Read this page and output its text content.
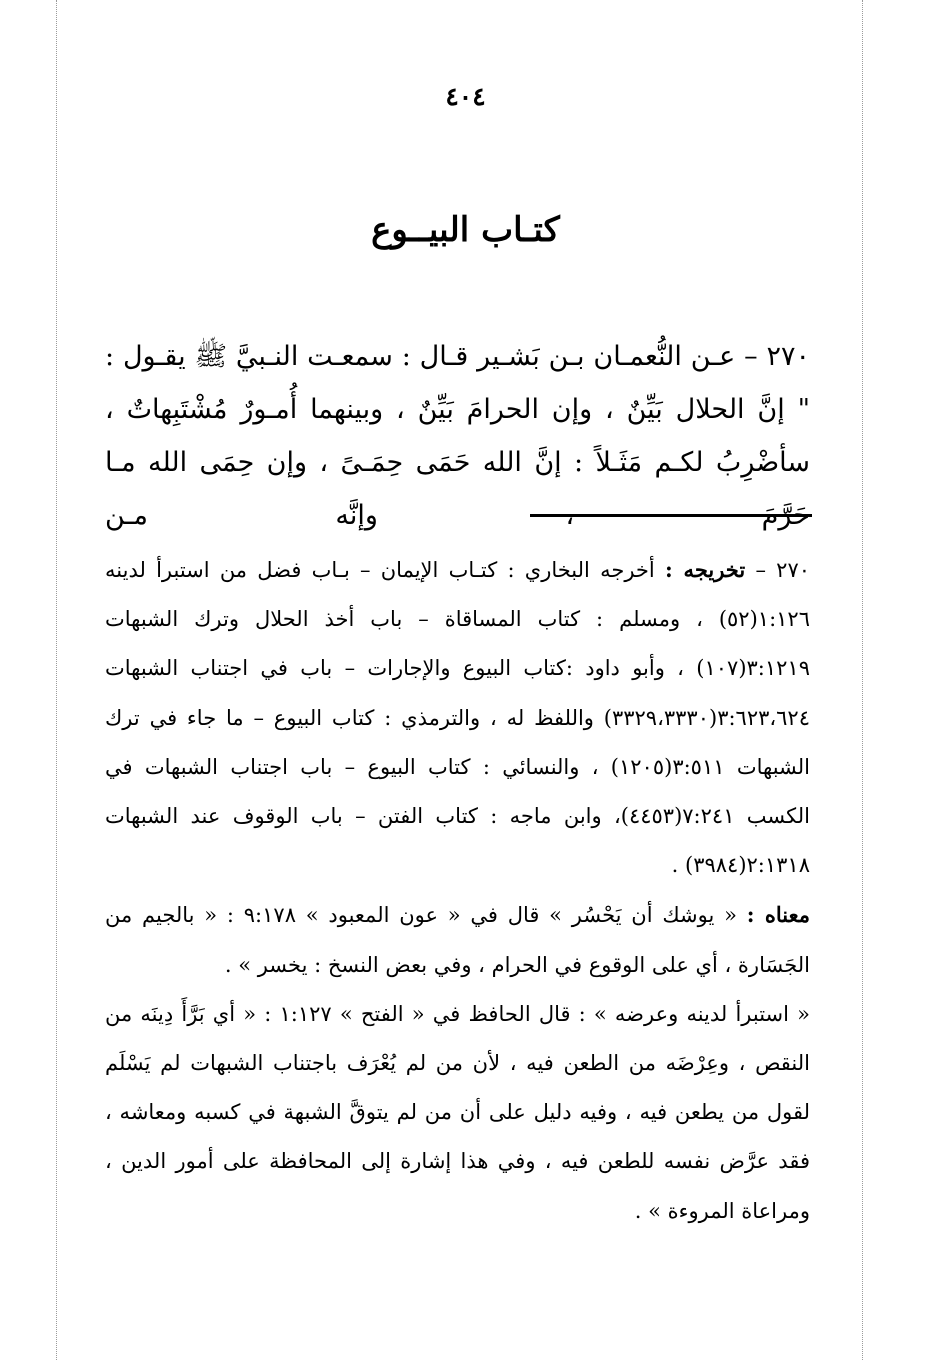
٤٠٤
كتـاب البيــوع

٢٧٠ – عـن النُّعمـان بـن بَشـير قـال : سمعـت النـبيَّ ﷺ يقـول : " إنَّ الحلال بَيِّنٌ ، وإن الحرامَ بَيِّنٌ ، وبينهما أُمـورٌ مُشْتَبِهاتٌ ، سأضْرِبُ لكـم مَثَـلاً : إنَّ الله حَمَى حِمَـىً ، وإن حِمَى الله مـا حَرَّمَ ، وإنَّه مـن

٢٧٠ – تخريجه : أخرجه البخاري : كتـاب الإيمان – بـاب فضل من استبرأ لدينه ١:١٢٦(٥٢) ، ومسلم : كتاب المساقاة – باب أخذ الحلال وترك الشبهات ٣:١٢١٩(١٠٧) ، وأبو داود :كتاب البيوع والإجارات – باب في اجتناب الشبهات ٣:٦٢٣،٦٢٤(٣٣٢٩،٣٣٣٠) واللفظ له ، والترمذي : كتاب البيوع – ما جاء في ترك الشبهات ٣:٥١١(١٢٠٥) ، والنسائي : كتاب البيوع – باب اجتناب الشبهات في الكسب ٧:٢٤١(٤٤٥٣)، وابن ماجه : كتاب الفتن – باب الوقوف عند الشبهات ٢:١٣١٨(٣٩٨٤) .

معناه : « يوشك أن يَحْسُر » قال في « عون المعبود » ٩:١٧٨ : « بالجيم من الجَسَارة ، أي على الوقوع في الحرام ، وفي بعض النسخ : يخسر » .

« استبرأ لدينه وعرضه » : قال الحافظ في « الفتح » ١:١٢٧ : « أي بَرَّأَ دِينَه من النقص ، وعِرْضَه من الطعن فيه ، لأن من لم يُعْرَف باجتناب الشبهات لم يَسْلَم لقول من يطعن فيه ، وفيه دليل على أن من لم يتوقَّ الشبهة في كسبه ومعاشه ، فقد عرَّض نفسه للطعن فيه ، وفي هذا إشارة إلى المحافظة على أمور الدين ، ومراعاة المروءة » .
